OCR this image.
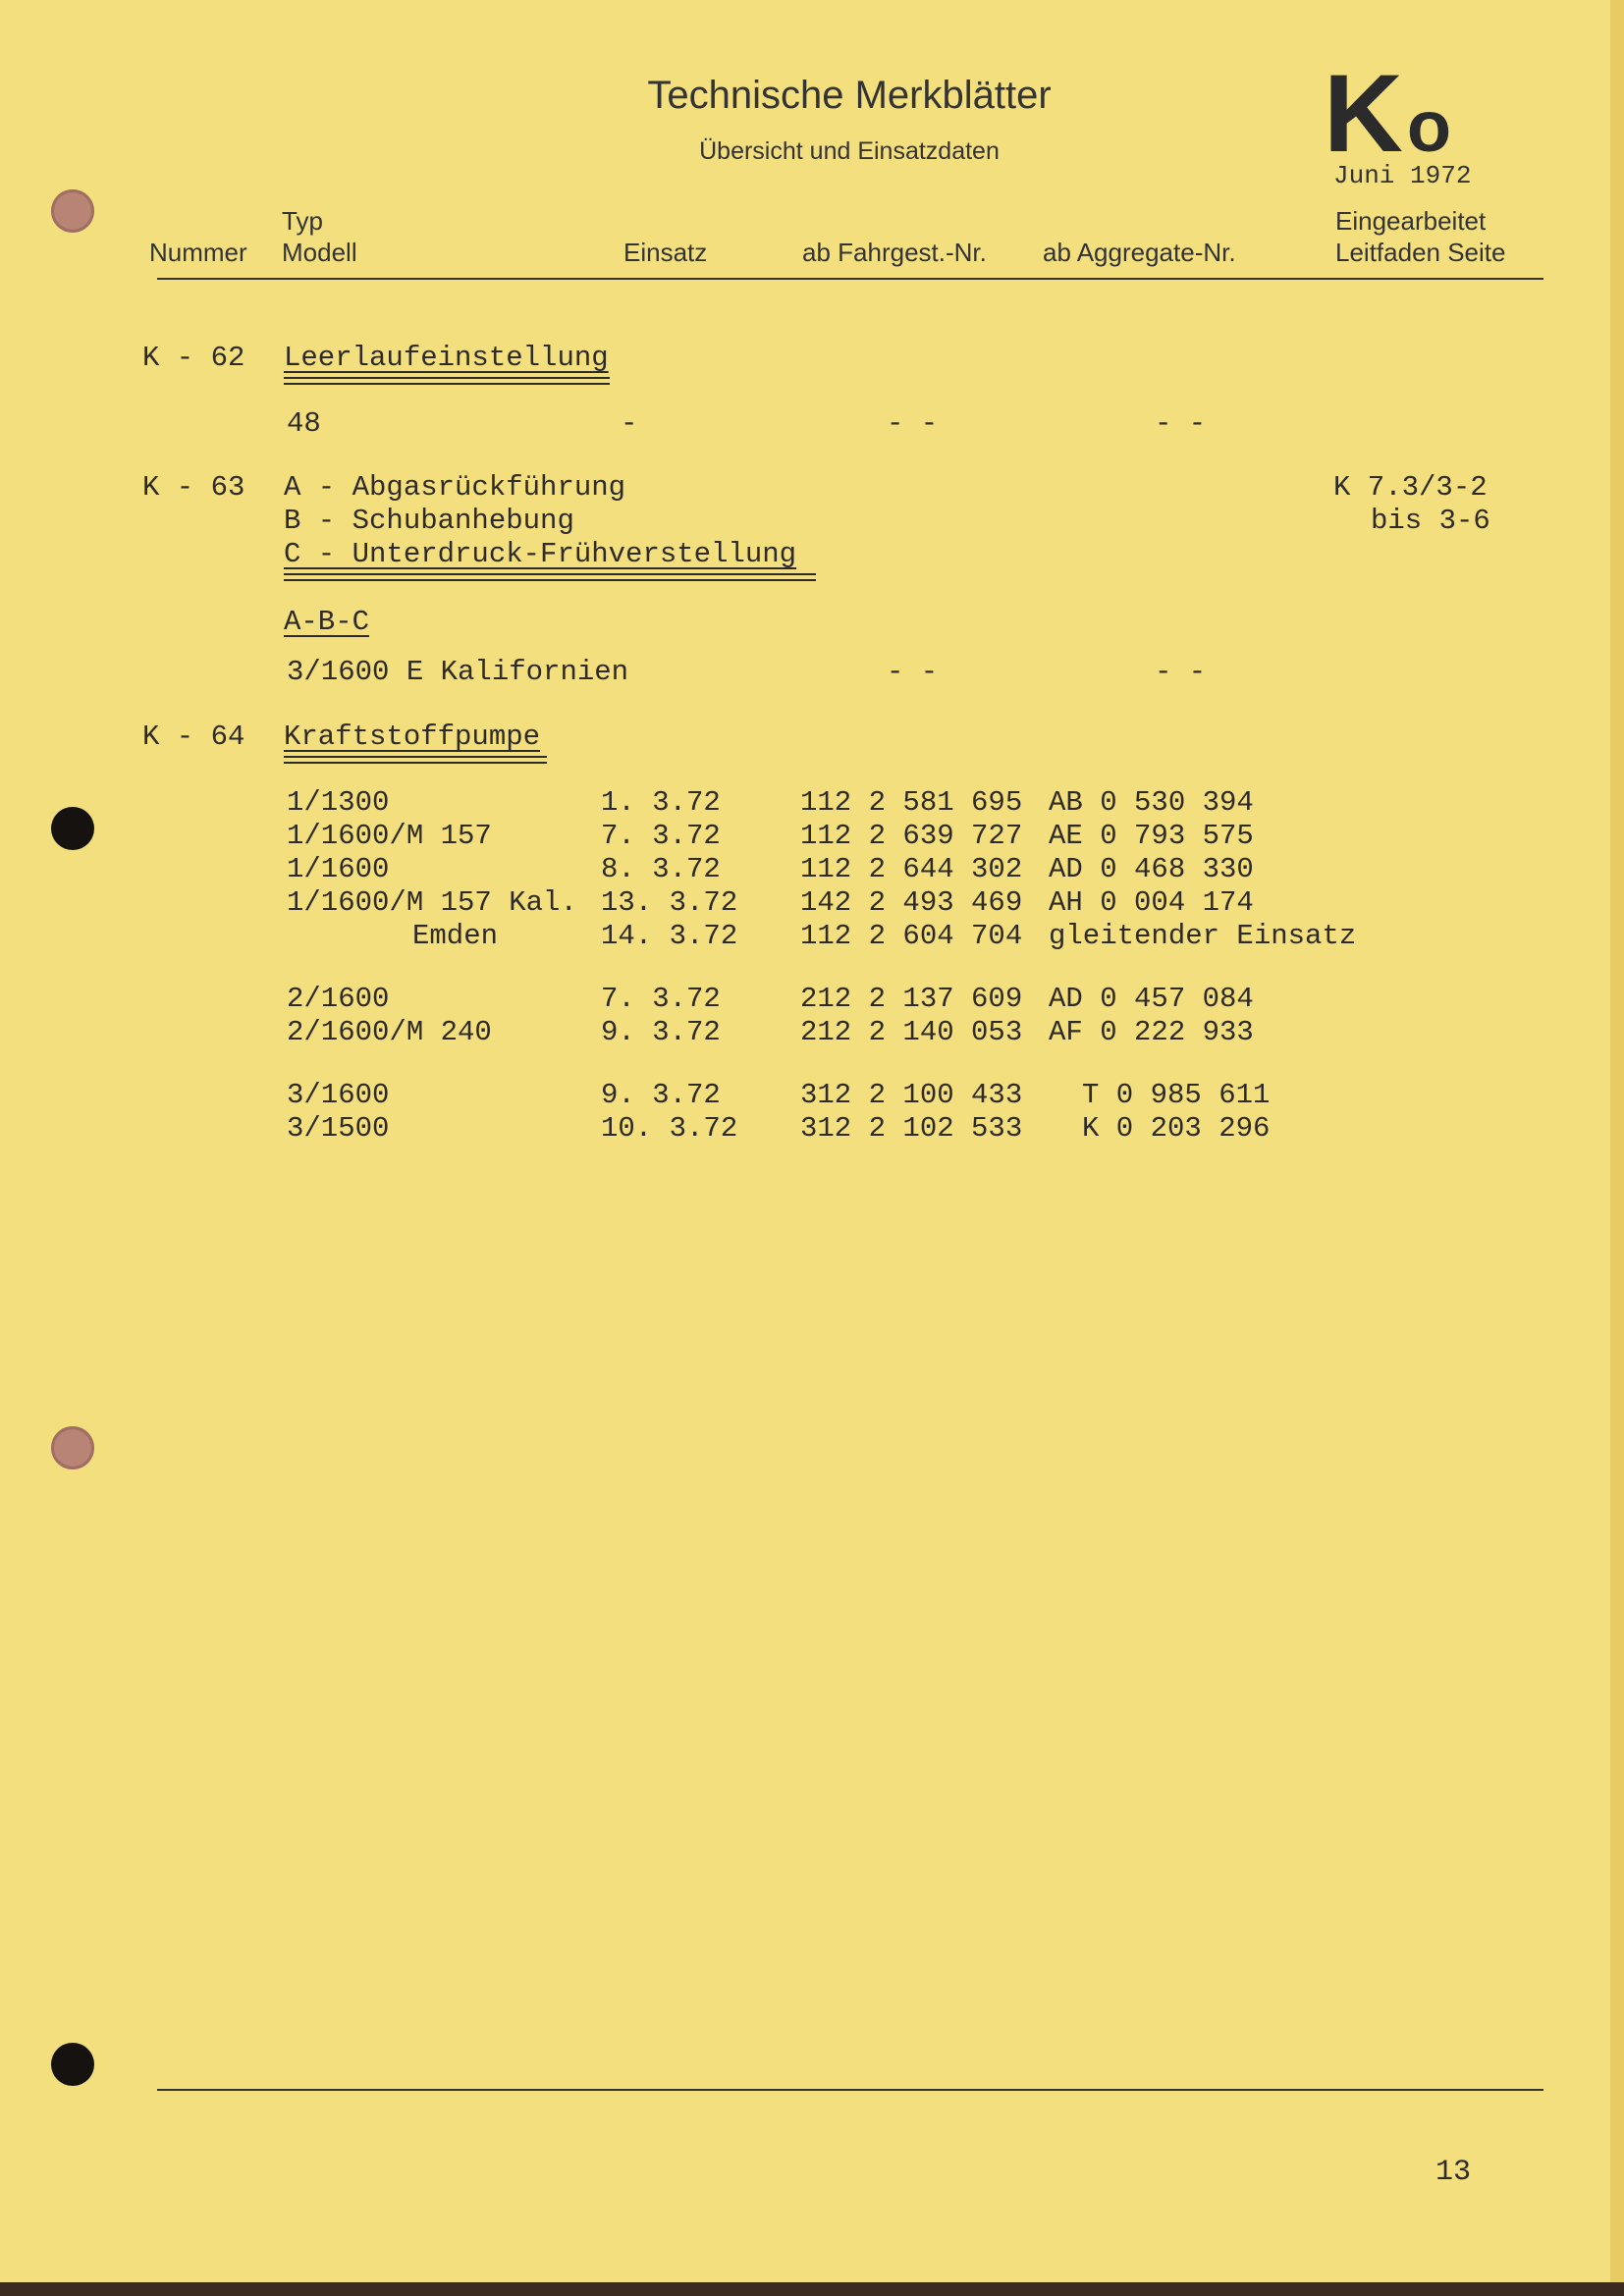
Technische Merkblätter
Übersicht und Einsatzdaten	Ko
Juni 1972
Typ	Eingearbeitet
Nummer Modell	Einsatz	ab Fahrgest.-Nr. ab Aggregate-Nr.	Leitfaden Seite
K - 62 Leerlaufeinstellung
48	-	- -	- -
K - 63 A - Abgasrückführung
B - Schubanhebung
C - Unterdruck-Frühverstellung
K 7.3/3-2
bis 3-6
A-B-C
3/1600 E Kalifornien	- -	- -
K - 64 Kraftstoffpumpe
1/1300	1. 3.72	112 2 581 695 AB 0 530 394
1/1600/M 157	7. 3.72	112 2 639 727 AE 0 793 575
1/1600	8. 3.72	112 2 644 302 AD 0 468 330
1/1600/M 157 Kal. 13. 3.72 142 2 493 469 AH 0 004 174
Emden	14. 3.72 112 2 604 704 gleitender Einsatz
2/1600	7. 3.72	212 2 137 609 AD 0 457 084
2/1600/M 240	9. 3.72	212 2 140 053 AF 0 222 933
3/1600	9. 3.72	312 2 100 433 T 0 985 611
3/1500	10. 3.72 312 2 102 533 K 0 203 296
13
